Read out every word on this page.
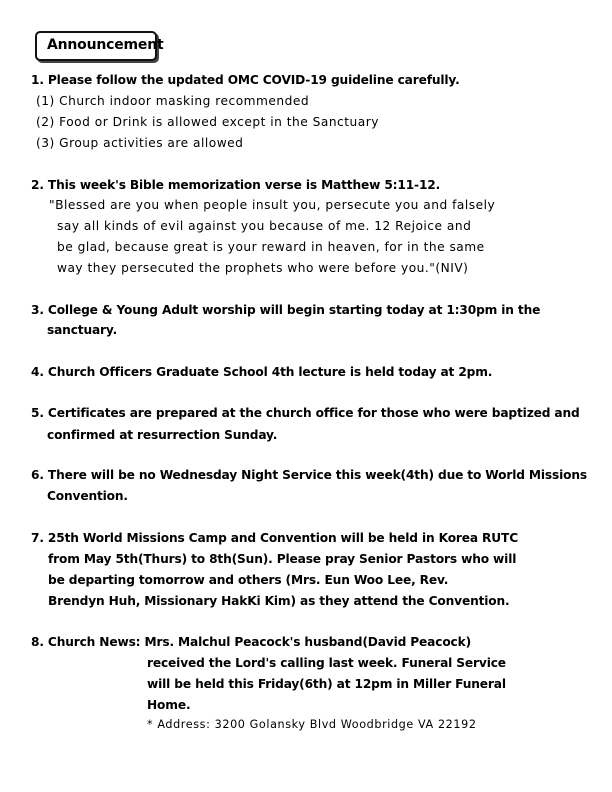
Announcement
1. Please follow the updated OMC COVID-19 guideline carefully.
(1) Church indoor masking recommended
(2) Food or Drink is allowed except in the Sanctuary
(3) Group activities are allowed
2. This week's Bible memorization verse is Matthew 5:11-12.
"Blessed are you when people insult you, persecute you and falsely
say all kinds of evil against you because of me. 12 Rejoice and
be glad, because great is your reward in heaven, for in the same
way they persecuted the prophets who were before you."(NIV)
3. College & Young Adult worship will begin starting today at 1:30pm in the
sanctuary.
4. Church Officers Graduate School 4th lecture is held today at 2pm.
5. Certificates are prepared at the church office for those who were baptized and
confirmed at resurrection Sunday.
6. There will be no Wednesday Night Service this week(4th) due to World Missions
Convention.
7. 25th World Missions Camp and Convention will be held in Korea RUTC
from May 5th(Thurs) to 8th(Sun). Please pray Senior Pastors who will
be departing tomorrow and others (Mrs. Eun Woo Lee, Rev.
Brendyn Huh, Missionary HakKi Kim) as they attend the Convention.
8. Church News: Mrs. Malchul Peacock's husband(David Peacock)
received the Lord's calling last week. Funeral Service
will be held this Friday(6th) at 12pm in Miller Funeral
Home.
* Address: 3200 Golansky Blvd Woodbridge VA 22192
